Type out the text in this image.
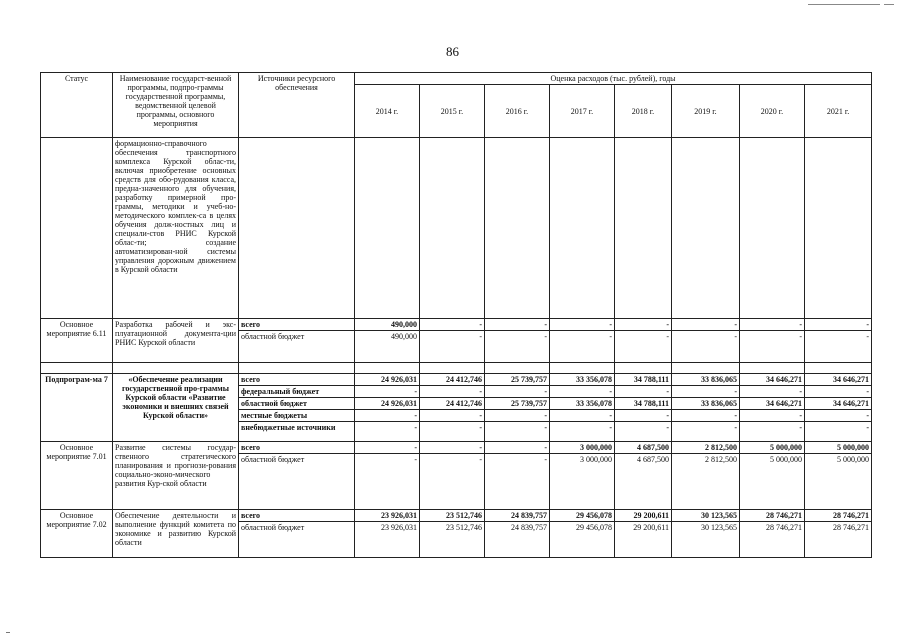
86
Статус	Наименование государст-венной программы, подпро-граммы государственной программы, ведомственной целевой программы, основного мероприятия	Источники ресурсного обеспечения	Оценка расходов (тыс. рублей), годы							
			2014 г.	2015 г.	2016 г.	2017 г.	2018 г.	2019 г.	2020 г.	2021 г.
	формационно-справочного обеспечения транспортного комплекса Курской облас-ти, включая приобретение основных средств для обо-рудования класса, предна-значенного для обучения, разработку примерной про-граммы, методики и учеб-но-методического комплек-са в целях обучения долж-ностных лиц и специали-стов РНИС Курской облас-ти; создание автоматизирован-ной системы управления дорожным движением в Курской области									
Основное мероприятие 6.11	Разработка рабочей и экс-плуатационной документа-ции РНИС Курской области	всего	490,000	-	-	-	-	-	-	-
		областной бюджет	490,000	-	-	-	-	-	-	-

Подпрограм-ма 7	«Обеспечение реализации государственной про-граммы Курской области «Развитие экономики и внешних связей Курской области»	всего	24 926,031	24 412,746	25 739,757	33 356,078	34 788,111	33 836,065	34 646,271	34 646,271
		федеральный бюджет	-	-	-	-	-	-	-	-
		областной бюджет	24 926,031	24 412,746	25 739,757	33 356,078	34 788,111	33 836,065	34 646,271	34 646,271
		местные бюджеты	-	-	-	-	-	-	-	-
		внебюджетные источники	-	-	-	-	-	-	-	-
Основное мероприятие 7.01	Развитие системы государ-ственного стратегического планирования и прогнози-рования социально-эконо-мического развития Кур-ской области	всего	-	-	-	3 000,000	4 687,500	2 812,500	5 000,000	5 000,000
		областной бюджет	-	-	-	3 000,000	4 687,500	2 812,500	5 000,000	5 000,000
Основное мероприятие 7.02	Обеспечение деятельности и выполнение функций комитета по экономике и развитию Курской области	всего	23 926,031	23 512,746	24 839,757	29 456,078	29 200,611	30 123,565	28 746,271	28 746,271
		областной бюджет	23 926,031	23 512,746	24 839,757	29 456,078	29 200,611	30 123,565	28 746,271	28 746,271
